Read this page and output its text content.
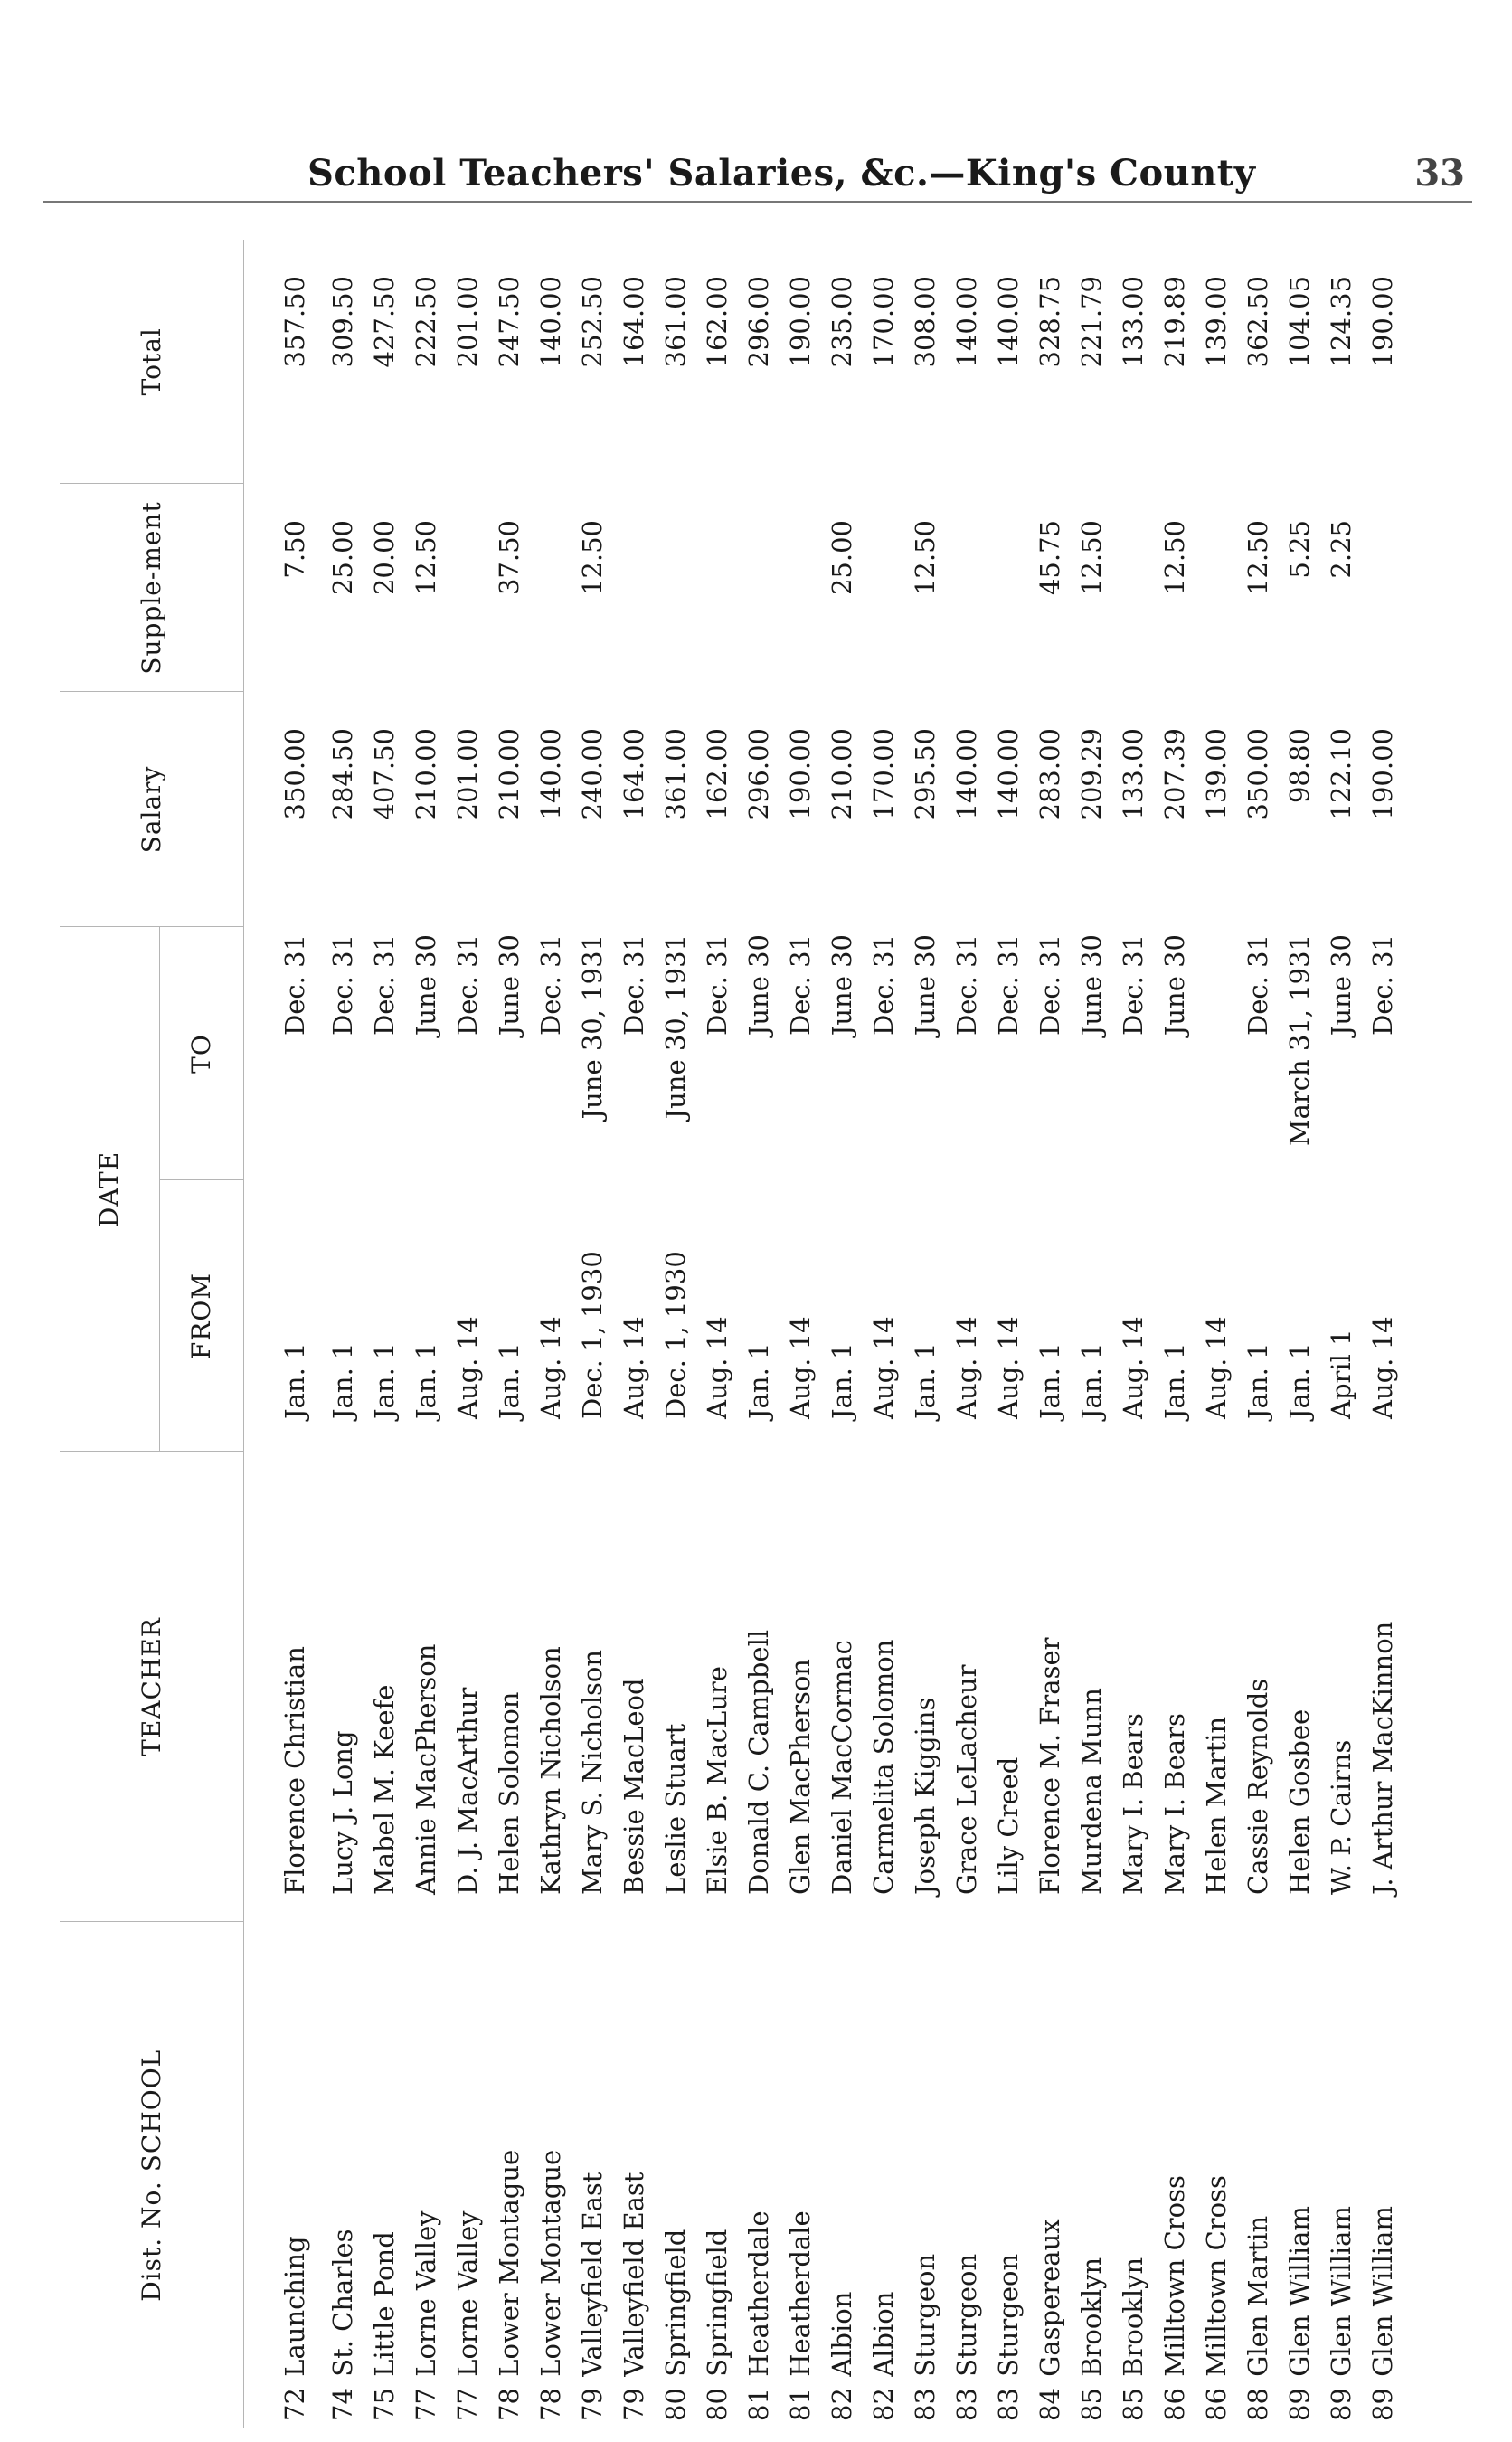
School Teachers' Salaries, &c.—King's County	33
Dist. No. SCHOOL	TEACHER	DATE		Salary	Supple-ment	Total
		FROM	TO			
72 Launching	Florence Christian	Jan. 1	Dec. 31	350.00	7.50	357.50
74 St. Charles	Lucy J. Long	Jan. 1	Dec. 31	284.50	25.00	309.50
75 Little Pond	Mabel M. Keefe	Jan. 1	Dec. 31	407.50	20.00	427.50
77 Lorne Valley	Annie MacPherson	Jan. 1	June 30	210.00	12.50	222.50
77 Lorne Valley	D. J. MacArthur	Aug. 14	Dec. 31	201.00		201.00
78 Lower Montague	Helen Solomon	Jan. 1	June 30	210.00	37.50	247.50
78 Lower Montague	Kathryn Nicholson	Aug. 14	Dec. 31	140.00		140.00
79 Valleyfield East	Mary S. Nicholson	Dec. 1, 1930	June 30, 1931	240.00	12.50	252.50
79 Valleyfield East	Bessie MacLeod	Aug. 14	Dec. 31	164.00		164.00
80 Springfield	Leslie Stuart	Dec. 1, 1930	June 30, 1931	361.00		361.00
80 Springfield	Elsie B. MacLure	Aug. 14	Dec. 31	162.00		162.00
81 Heatherdale	Donald C. Campbell	Jan. 1	June 30	296.00		296.00
81 Heatherdale	Glen MacPherson	Aug. 14	Dec. 31	190.00		190.00
82 Albion	Daniel MacCormac	Jan. 1	June 30	210.00	25.00	235.00
82 Albion	Carmelita Solomon	Aug. 14	Dec. 31	170.00		170.00
83 Sturgeon	Joseph Kiggins	Jan. 1	June 30	295.50	12.50	308.00
83 Sturgeon	Grace LeLacheur	Aug. 14	Dec. 31	140.00		140.00
83 Sturgeon	Lily Creed	Aug. 14	Dec. 31	140.00		140.00
84 Gaspereaux	Florence M. Fraser	Jan. 1	Dec. 31	283.00	45.75	328.75
85 Brooklyn	Murdena Munn	Jan. 1	June 30	209.29	12.50	221.79
85 Brooklyn	Mary I. Bears	Aug. 14	Dec. 31	133.00		133.00
86 Milltown Cross	Mary I. Bears	Jan. 1	June 30	207.39	12.50	219.89
86 Milltown Cross	Helen Martin	Aug. 14		139.00		139.00
88 Glen Martin	Cassie Reynolds	Jan. 1	Dec. 31	350.00	12.50	362.50
89 Glen William	Helen Gosbee	Jan. 1	March 31, 1931	98.80	5.25	104.05
89 Glen William	W. P. Cairns	April 1	June 30	122.10	2.25	124.35
89 Glen William	J. Arthur MacKinnon	Aug. 14	Dec. 31	190.00		190.00
